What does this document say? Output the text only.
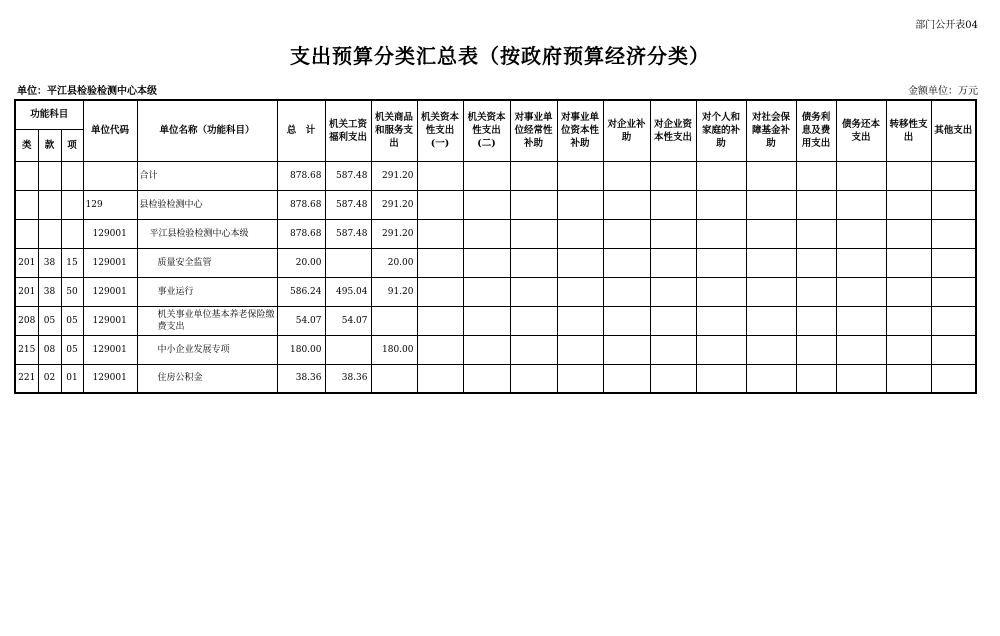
部门公开表04
支出预算分类汇总表（按政府预算经济分类）
单位：平江县检验检测中心本级	金额单位：万元
功能科目			单位代码	单位名称（功能科目）	总　计	机关工资福利支出	机关商品和服务支出	机关资本性支出(一)	机关资本性支出(二)	对事业单位经常性补助	对事业单位资本性补助	对企业补助	对企业资本性支出	对个人和家庭的补助	对社会保障基金补助	债务利息及费用支出	债务还本支出	转移性支出	其他支出
类	款	项																	
				合计	878.68	587.48	291.20												
			129	县检验检测中心	878.68	587.48	291.20												
			129001	平江县检验检测中心本级	878.68	587.48	291.20												
201	38	15	129001	质量安全监管	20.00		20.00												
201	38	50	129001	事业运行	586.24	495.04	91.20												
208	05	05	129001	机关事业单位基本养老保险缴费支出	54.07	54.07													
215	08	05	129001	中小企业发展专项	180.00		180.00												
221	02	01	129001	住房公积金	38.36	38.36													
